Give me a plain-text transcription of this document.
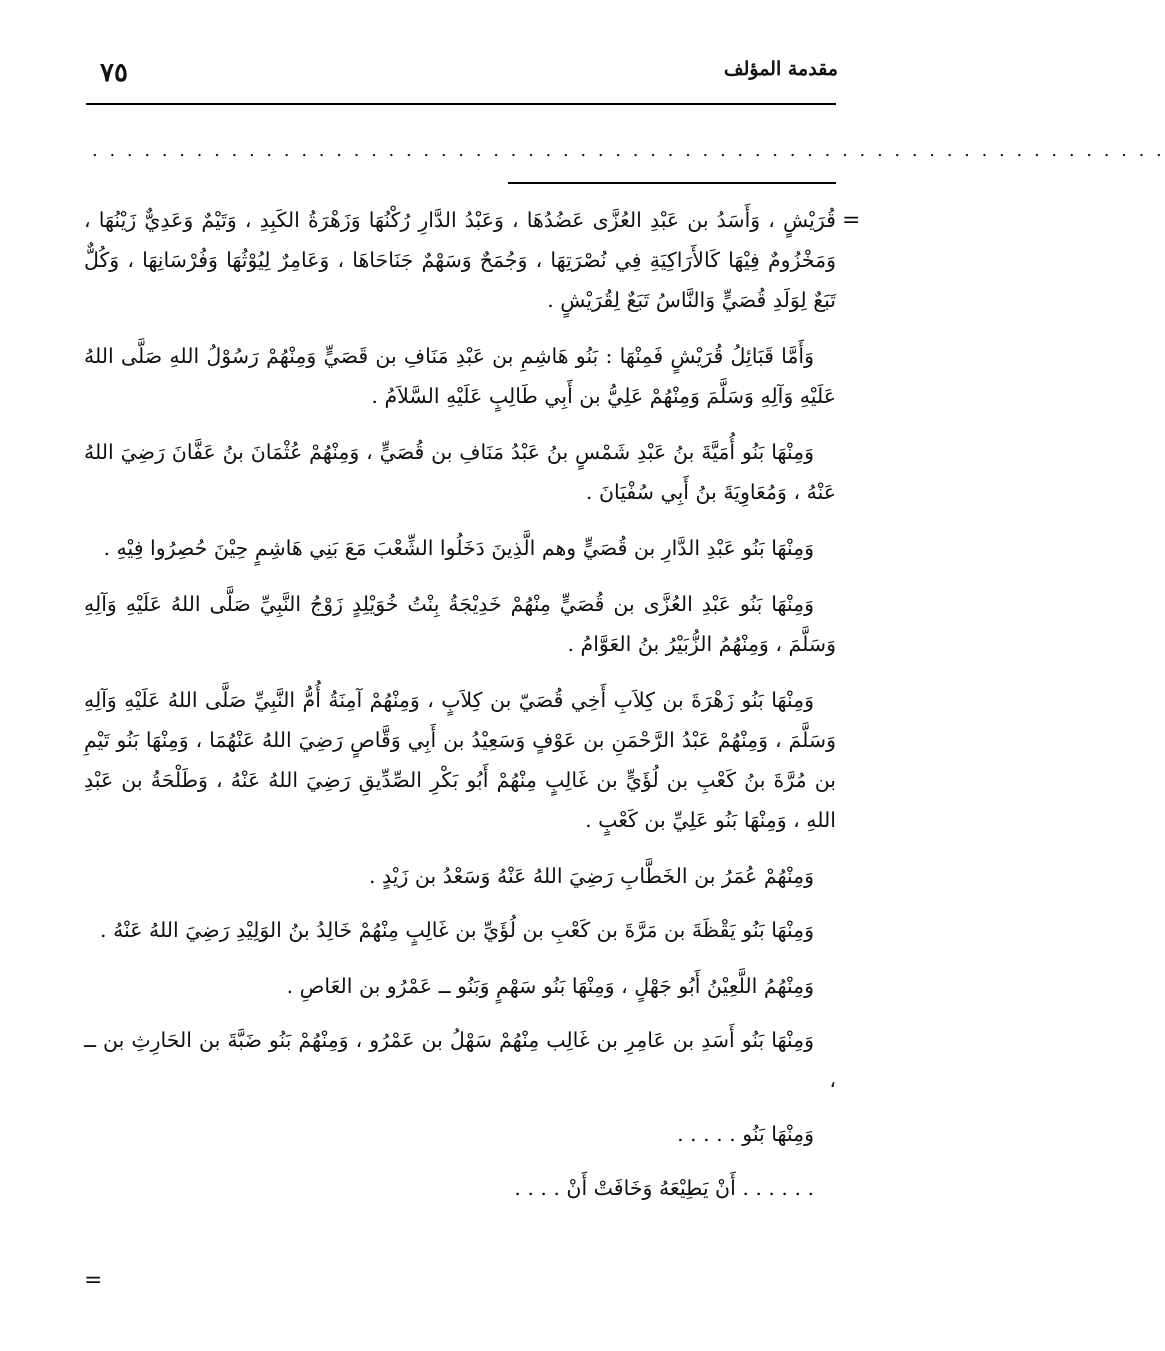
مقدمة المؤلف
٧٥
. . . . . . . . . . . . . . . . . . . . . . . . . . . . . . . . . . . . . . . . . . . . . . . . . . . . . . . . . . . . . .
=
=

قُرَيْشٍ ، وَأَسَدُ بن عَبْدِ العُزَّى عَضُدُهَا ، وَعَبْدُ الدَّارِ رُكْنُهَا وَزَهْرَةُ الكَبِدِ ، وَتَيْمٌ وَعَدِيٌّ زَيْنُهَا ، وَمَخْزُومٌ فِيْهَا كَالأَرَاكِيَةِ فِي نُصْرَتِهَا ، وَجُمَحٌ وَسَهْمٌ جَنَاحَاهَا ، وَعَامِرٌ لِيُوْثُهَا وَفُرْسَانِهَا ، وَكُلٌّ تَبَعٌ لِوَلَدِ قُصَيٍّ وَالنَّاسُ تَبَعٌ لِقُرَيْشٍ .

وَأَمَّا قَبَائِلُ قُرَيْشٍ فَمِنْهَا : بَنُو هَاشِمِ بن عَبْدِ مَنَافِ بن قَصَيٍّ وَمِنْهُمْ رَسُوْلُ اللهِ صَلَّى اللهُ عَلَيْهِ وَآلِهِ وَسَلَّمَ وَمِنْهُمْ عَلِيُّ بن أَبِي طَالِبٍ عَلَيْهِ السَّلاَمُ .

وَمِنْهَا بَنُو أُمَيَّةَ بنُ عَبْدِ شَمْسٍ بنُ عَبْدُ مَنَافِ بن قُصَيٍّ ، وَمِنْهُمْ عُثْمَانَ بنُ عَفَّانَ رَضِيَ اللهُ عَنْهُ ، وَمُعَاوِيَةَ بنُ أَبِي سُفْيَانَ .

وَمِنْهَا بَنُو عَبْدِ الدَّارِ بن قُصَيٍّ وهم الَّذِينَ دَخَلُوا الشِّعْبَ مَعَ بَنِي هَاشِمٍ حِيْنَ حُصِرُوا فِيْهِ .

وَمِنْهَا بَنُو عَبْدِ العُزَّى بن قُصَيٍّ مِنْهُمْ خَدِيْجَةُ بِنْتُ خُوَيْلِدٍ زَوْجُ النَّبِيِّ صَلَّى اللهُ عَلَيْهِ وَآلِهِ وَسَلَّمَ ، وَمِنْهُمُ الزُّبَيْرُ بنُ العَوَّامُ .

وَمِنْهَا بَنُو زَهْرَةَ بن كِلاَبِ أَخِي قُصَيّ بن كِلاَبٍ ، وَمِنْهُمْ آمِنَةُ أُمُّ النَّبِيِّ صَلَّى اللهُ عَلَيْهِ وَآلِهِ وَسَلَّمَ ، وَمِنْهُمْ عَبْدُ الرَّحْمَنِ بن عَوْفٍ وَسَعِيْدُ بن أَبِي وَقَّاصٍ رَضِيَ اللهُ عَنْهُمَا ، وَمِنْهَا بَنُو تَيْمِ بن مُرَّةَ بنُ كَعْبِ بن لُؤَيٍّ بن غَالِبٍ مِنْهُمْ أَبُو بَكْرِ الصِّدِّيقِ رَضِيَ اللهُ عَنْهُ ، وَطَلْحَةُ بن عَبْدِ اللهِ ، وَمِنْهَا بَنُو عَلِيِّ بن كَعْبٍ .

وَمِنْهُمْ عُمَرُ بن الخَطَّابِ رَضِيَ اللهُ عَنْهُ وَسَعْدُ بن زَيْدٍ .

وَمِنْهَا بَنُو يَقْظَةَ بن مَرَّةَ بن كَعْبِ بن لُؤَيِّ بن غَالِبٍ مِنْهُمْ خَالِدُ بنُ الوَلِيْدِ رَضِيَ اللهُ عَنْهُ .

وَمِنْهُمُ اللَّعِيْنُ أَبُو جَهْلٍ ، وَمِنْهَا بَنُو سَهْمٍ وَبَنُو ــ عَمْرُو بن العَاصِ .

وَمِنْهَا بَنُو أَسَدِ بن عَامِرِ بن غَالِب مِنْهُمْ سَهْلُ بن عَمْرُو ، وَمِنْهُمْ بَنُو ضَبَّةَ بن الحَارِثِ بن ــ ،

وَمِنْهَا بَنُو . . . . .

. . . . . . أَنْ يَطِيْعَهُ وَخَافَتْ أَنْ . . . .
